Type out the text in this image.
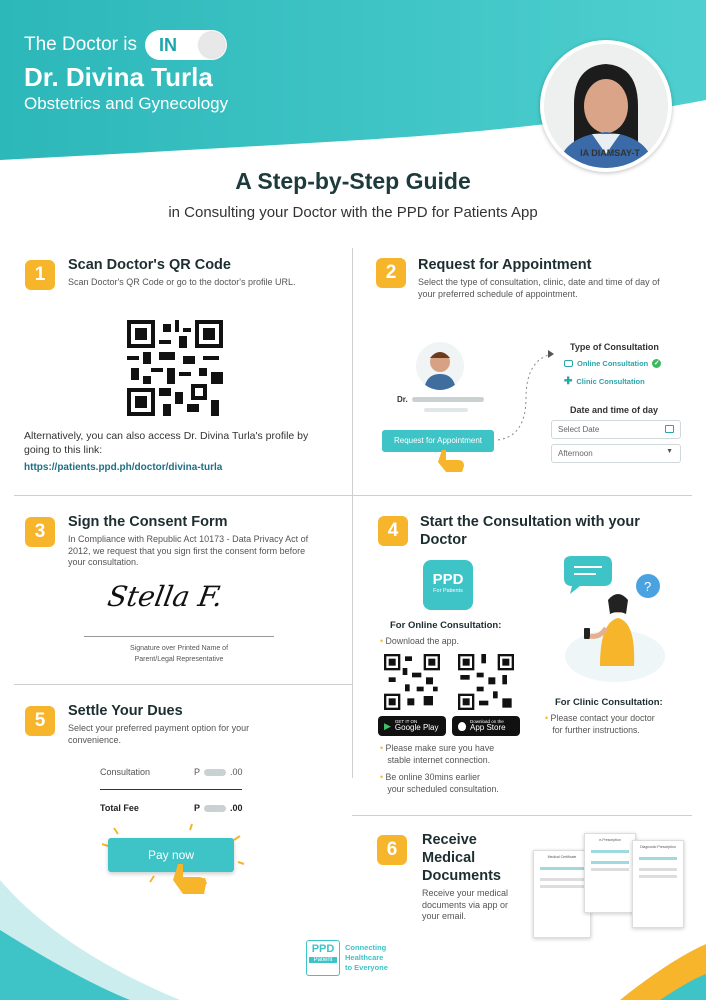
The Doctor is IN
Dr. Divina Turla
Obstetrics and Gynecology
IA DIAMSAY-T
A Step-by-Step Guide
in Consulting your Doctor with the PPD for Patients App
1	Scan Doctor's QR Code
Scan Doctor's QR Code or go to the doctor's profile URL.
Alternatively, you can also access Dr. Divina Turla's profile by going to this link:
https://patients.ppd.ph/doctor/divina-turla
2	Request for Appointment
Select the type of consultation, clinic, date and time of day of your preferred schedule of appointment.
Dr.
Request for Appointment
Type of Consultation
Online Consultation ✓
✚ Clinic Consultation
Date and time of day
Select Date
Afternoon	▼
3	Sign the Consent Form
In Compliance with Republic Act 10173 - Data Privacy Act of 2012, we request that you sign first the consent form before your consultation.
Stella F.
Signature over Printed Name of
Parent/Legal Representative
4	Start the Consultation with your
Doctor
PPD
For Patients
For Online Consultation:
• Download the app.
▶ GET IT ON
Google Play
Download on the
App Store
• Please make sure you have
stable internet connection.
• Be online 30mins earlier
your scheduled consultation.
?
For Clinic Consultation:
• Please contact your doctor
for further instructions.
5	Settle Your Dues
Select your preferred payment option for your convenience.
Consultation	P	.00
Total Fee	P	.00
Pay now	6	Receive
Medical
Documents
Receive your medical documents via app or your email.
Medical Certificate
e-Prescription
Diagnostic Prescription
PPD
Patient
Connecting
Healthcare
to Everyone
